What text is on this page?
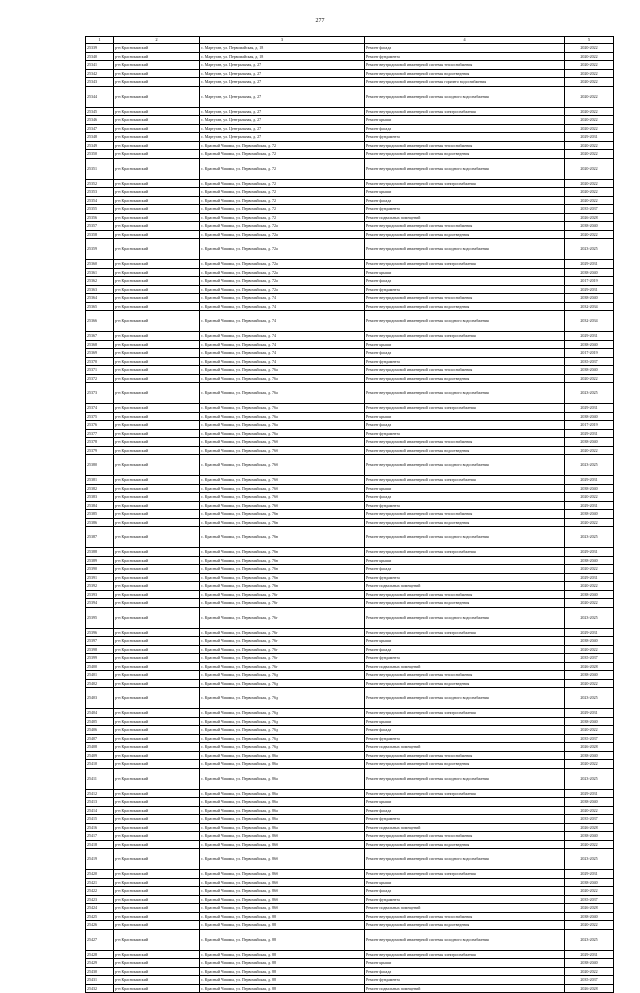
277
1	2	3	4	5
25339	р-н Краснокамский	с. Мартуган, ул. Первомайская, д. 18	Ремонт фасада	2020-2022
25340	р-н Краснокамский	с. Мартуган, ул. Первомайская, д. 18	Ремонт фундамента	2020-2022
25341	р-н Краснокамский	с. Мартуган, ул. Центральная, д. 27	Ремонт внутридомовой инженерной системы теплоснабжения	2020-2022
25342	р-н Краснокамский	с. Мартуган, ул. Центральная, д. 27	Ремонт внутридомовой инженерной системы водоотведения	2020-2022
25343	р-н Краснокамский	с. Мартуган, ул. Центральная, д. 27	Ремонт внутридомовой инженерной системы горячего водоснабжения	2020-2022
25344	р-н Краснокамский	с. Мартуган, ул. Центральная, д. 27	Ремонт внутридомовой инженерной системы холодного водоснабжения	2020-2022
25345	р-н Краснокамский	с. Мартуган, ул. Центральная, д. 27	Ремонт внутридомовой инженерной системы электроснабжения	2020-2022
25346	р-н Краснокамский	с. Мартуган, ул. Центральная, д. 27	Ремонт крыши	2020-2022
25347	р-н Краснокамский	с. Мартуган, ул. Центральная, д. 27	Ремонт фасада	2020-2022
25348	р-н Краснокамский	с. Мартуган, ул. Центральная, д. 27	Ремонт фундамента	2029-2031
25349	р-н Краснокамский	с. Красный Чишмы, ул. Первомайская, д. 72	Ремонт внутридомовой инженерной системы теплоснабжения	2020-2022
25350	р-н Краснокамский	с. Красный Чишмы, ул. Первомайская, д. 72	Ремонт внутридомовой инженерной системы водоотведения	2020-2022
25351	р-н Краснокамский	с. Красный Чишмы, ул. Первомайская, д. 72	Ремонт внутридомовой инженерной системы холодного водоснабжения	2020-2022
25352	р-н Краснокамский	с. Красный Чишмы, ул. Первомайская, д. 72	Ремонт внутридомовой инженерной системы электроснабжения	2020-2022
25353	р-н Краснокамский	с. Красный Чишмы, ул. Первомайская, д. 72	Ремонт крыши	2020-2022
25354	р-н Краснокамский	с. Красный Чишмы, ул. Первомайская, д. 72	Ремонт фасада	2020-2022
25355	р-н Краснокамский	с. Красный Чишмы, ул. Первомайская, д. 72	Ремонт фундамента	2035-2037
25356	р-н Краснокамский	с. Красный Чишмы, ул. Первомайская, д. 72	Ремонт подвальных помещений	2026-2028
25357	р-н Краснокамский	с. Красный Чишмы, ул. Первомайская, д. 72а	Ремонт внутридомовой инженерной системы теплоснабжения	2038-2040
25358	р-н Краснокамский	с. Красный Чишмы, ул. Первомайская, д. 72а	Ремонт внутридомовой инженерной системы водоотведения	2020-2022
25359	р-н Краснокамский	с. Красный Чишмы, ул. Первомайская, д. 72а	Ремонт внутридомовой инженерной системы холодного водоснабжения	2023-2025
25360	р-н Краснокамский	с. Красный Чишмы, ул. Первомайская, д. 72а	Ремонт внутридомовой инженерной системы электроснабжения	2029-2031
25361	р-н Краснокамский	с. Красный Чишмы, ул. Первомайская, д. 72а	Ремонт крыши	2038-2040
25362	р-н Краснокамский	с. Красный Чишмы, ул. Первомайская, д. 72а	Ремонт фасада	2017-2019
25363	р-н Краснокамский	с. Красный Чишмы, ул. Первомайская, д. 72а	Ремонт фундамента	2029-2031
25364	р-н Краснокамский	с. Красный Чишмы, ул. Первомайская, д. 74	Ремонт внутридомовой инженерной системы теплоснабжения	2038-2040
25365	р-н Краснокамский	с. Красный Чишмы, ул. Первомайская, д. 74	Ремонт внутридомовой инженерной системы водоотведения	2032-2034
25366	р-н Краснокамский	с. Красный Чишмы, ул. Первомайская, д. 74	Ремонт внутридомовой инженерной системы холодного водоснабжения	2032-2034
25367	р-н Краснокамский	с. Красный Чишмы, ул. Первомайская, д. 74	Ремонт внутридомовой инженерной системы электроснабжения	2029-2031
25368	р-н Краснокамский	с. Красный Чишмы, ул. Первомайская, д. 74	Ремонт крыши	2038-2040
25369	р-н Краснокамский	с. Красный Чишмы, ул. Первомайская, д. 74	Ремонт фасада	2017-2019
25370	р-н Краснокамский	с. Красный Чишмы, ул. Первомайская, д. 74	Ремонт фундамента	2035-2037
25371	р-н Краснокамский	с. Красный Чишмы, ул. Первомайская, д. 76а	Ремонт внутридомовой инженерной системы теплоснабжения	2038-2040
25372	р-н Краснокамский	с. Красный Чишмы, ул. Первомайская, д. 76а	Ремонт внутридомовой инженерной системы водоотведения	2020-2022
25373	р-н Краснокамский	с. Красный Чишмы, ул. Первомайская, д. 76а	Ремонт внутридомовой инженерной системы холодного водоснабжения	2023-2025
25374	р-н Краснокамский	с. Красный Чишмы, ул. Первомайская, д. 76а	Ремонт внутридомовой инженерной системы электроснабжения	2029-2031
25375	р-н Краснокамский	с. Красный Чишмы, ул. Первомайская, д. 76а	Ремонт крыши	2038-2040
25376	р-н Краснокамский	с. Красный Чишмы, ул. Первомайская, д. 76а	Ремонт фасада	2017-2019
25377	р-н Краснокамский	с. Красный Чишмы, ул. Первомайская, д. 76а	Ремонт фундамента	2029-2031
25378	р-н Краснокамский	с. Красный Чишмы, ул. Первомайская, д. 76б	Ремонт внутридомовой инженерной системы теплоснабжения	2038-2040
25379	р-н Краснокамский	с. Красный Чишмы, ул. Первомайская, д. 76б	Ремонт внутридомовой инженерной системы водоотведения	2020-2022
25380	р-н Краснокамский	с. Красный Чишмы, ул. Первомайская, д. 76б	Ремонт внутридомовой инженерной системы холодного водоснабжения	2023-2025
25381	р-н Краснокамский	с. Красный Чишмы, ул. Первомайская, д. 76б	Ремонт внутридомовой инженерной системы электроснабжения	2029-2031
25382	р-н Краснокамский	с. Красный Чишмы, ул. Первомайская, д. 76б	Ремонт крыши	2038-2040
25383	р-н Краснокамский	с. Красный Чишмы, ул. Первомайская, д. 76б	Ремонт фасада	2020-2022
25384	р-н Краснокамский	с. Красный Чишмы, ул. Первомайская, д. 76б	Ремонт фундамента	2029-2031
25385	р-н Краснокамский	с. Красный Чишмы, ул. Первомайская, д. 76в	Ремонт внутридомовой инженерной системы теплоснабжения	2038-2040
25386	р-н Краснокамский	с. Красный Чишмы, ул. Первомайская, д. 76в	Ремонт внутридомовой инженерной системы водоотведения	2020-2022
25387	р-н Краснокамский	с. Красный Чишмы, ул. Первомайская, д. 76в	Ремонт внутридомовой инженерной системы холодного водоснабжения	2023-2025
25388	р-н Краснокамский	с. Красный Чишмы, ул. Первомайская, д. 76в	Ремонт внутридомовой инженерной системы электроснабжения	2029-2031
25389	р-н Краснокамский	с. Красный Чишмы, ул. Первомайская, д. 76в	Ремонт крыши	2038-2040
25390	р-н Краснокамский	с. Красный Чишмы, ул. Первомайская, д. 76в	Ремонт фасада	2020-2022
25391	р-н Краснокамский	с. Красный Чишмы, ул. Первомайская, д. 76в	Ремонт фундамента	2029-2031
25392	р-н Краснокамский	с. Красный Чишмы, ул. Первомайская, д. 76в	Ремонт подвальных помещений	2020-2022
25393	р-н Краснокамский	с. Красный Чишмы, ул. Первомайская, д. 76г	Ремонт внутридомовой инженерной системы теплоснабжения	2038-2040
25394	р-н Краснокамский	с. Красный Чишмы, ул. Первомайская, д. 76г	Ремонт внутридомовой инженерной системы водоотведения	2020-2022
25395	р-н Краснокамский	с. Красный Чишмы, ул. Первомайская, д. 76г	Ремонт внутридомовой инженерной системы холодного водоснабжения	2023-2025
25396	р-н Краснокамский	с. Красный Чишмы, ул. Первомайская, д. 76г	Ремонт внутридомовой инженерной системы электроснабжения	2029-2031
25397	р-н Краснокамский	с. Красный Чишмы, ул. Первомайская, д. 76г	Ремонт крыши	2038-2040
25398	р-н Краснокамский	с. Красный Чишмы, ул. Первомайская, д. 76г	Ремонт фасада	2020-2022
25399	р-н Краснокамский	с. Красный Чишмы, ул. Первомайская, д. 76г	Ремонт фундамента	2035-2037
25400	р-н Краснокамский	с. Красный Чишмы, ул. Первомайская, д. 76г	Ремонт подвальных помещений	2026-2028
25401	р-н Краснокамский	с. Красный Чишмы, ул. Первомайская, д. 76д	Ремонт внутридомовой инженерной системы теплоснабжения	2038-2040
25402	р-н Краснокамский	с. Красный Чишмы, ул. Первомайская, д. 76д	Ремонт внутридомовой инженерной системы водоотведения	2020-2022
25403	р-н Краснокамский	с. Красный Чишмы, ул. Первомайская, д. 76д	Ремонт внутридомовой инженерной системы холодного водоснабжения	2023-2025
25404	р-н Краснокамский	с. Красный Чишмы, ул. Первомайская, д. 76д	Ремонт внутридомовой инженерной системы электроснабжения	2029-2031
25405	р-н Краснокамский	с. Красный Чишмы, ул. Первомайская, д. 76д	Ремонт крыши	2038-2040
25406	р-н Краснокамский	с. Красный Чишмы, ул. Первомайская, д. 76д	Ремонт фасада	2020-2022
25407	р-н Краснокамский	с. Красный Чишмы, ул. Первомайская, д. 76д	Ремонт фундамента	2035-2037
25408	р-н Краснокамский	с. Красный Чишмы, ул. Первомайская, д. 76д	Ремонт подвальных помещений	2026-2028
25409	р-н Краснокамский	с. Красный Чишмы, ул. Первомайская, д. 86а	Ремонт внутридомовой инженерной системы теплоснабжения	2038-2040
25410	р-н Краснокамский	с. Красный Чишмы, ул. Первомайская, д. 86а	Ремонт внутридомовой инженерной системы водоотведения	2020-2022
25411	р-н Краснокамский	с. Красный Чишмы, ул. Первомайская, д. 86а	Ремонт внутридомовой инженерной системы холодного водоснабжения	2023-2025
25412	р-н Краснокамский	с. Красный Чишмы, ул. Первомайская, д. 86а	Ремонт внутридомовой инженерной системы электроснабжения	2029-2031
25413	р-н Краснокамский	с. Красный Чишмы, ул. Первомайская, д. 86а	Ремонт крыши	2038-2040
25414	р-н Краснокамский	с. Красный Чишмы, ул. Первомайская, д. 86а	Ремонт фасада	2020-2022
25415	р-н Краснокамский	с. Красный Чишмы, ул. Первомайская, д. 86а	Ремонт фундамента	2035-2037
25416	р-н Краснокамский	с. Красный Чишмы, ул. Первомайская, д. 86а	Ремонт подвальных помещений	2026-2028
25417	р-н Краснокамский	с. Красный Чишмы, ул. Первомайская, д. 86б	Ремонт внутридомовой инженерной системы теплоснабжения	2038-2040
25418	р-н Краснокамский	с. Красный Чишмы, ул. Первомайская, д. 86б	Ремонт внутридомовой инженерной системы водоотведения	2020-2022
25419	р-н Краснокамский	с. Красный Чишмы, ул. Первомайская, д. 86б	Ремонт внутридомовой инженерной системы холодного водоснабжения	2023-2025
25420	р-н Краснокамский	с. Красный Чишмы, ул. Первомайская, д. 86б	Ремонт внутридомовой инженерной системы электроснабжения	2029-2031
25421	р-н Краснокамский	с. Красный Чишмы, ул. Первомайская, д. 86б	Ремонт крыши	2038-2040
25422	р-н Краснокамский	с. Красный Чишмы, ул. Первомайская, д. 86б	Ремонт фасада	2020-2022
25423	р-н Краснокамский	с. Красный Чишмы, ул. Первомайская, д. 86б	Ремонт фундамента	2035-2037
25424	р-н Краснокамский	с. Красный Чишмы, ул. Первомайская, д. 86б	Ремонт подвальных помещений	2026-2028
25425	р-н Краснокамский	с. Красный Чишмы, ул. Первомайская, д. 88	Ремонт внутридомовой инженерной системы теплоснабжения	2038-2040
25426	р-н Краснокамский	с. Красный Чишмы, ул. Первомайская, д. 88	Ремонт внутридомовой инженерной системы водоотведения	2020-2022
25427	р-н Краснокамский	с. Красный Чишмы, ул. Первомайская, д. 88	Ремонт внутридомовой инженерной системы холодного водоснабжения	2023-2025
25428	р-н Краснокамский	с. Красный Чишмы, ул. Первомайская, д. 88	Ремонт внутридомовой инженерной системы электроснабжения	2029-2031
25429	р-н Краснокамский	с. Красный Чишмы, ул. Первомайская, д. 88	Ремонт крыши	2038-2040
25430	р-н Краснокамский	с. Красный Чишмы, ул. Первомайская, д. 88	Ремонт фасада	2020-2022
25431	р-н Краснокамский	с. Красный Чишмы, ул. Первомайская, д. 88	Ремонт фундамента	2035-2037
25432	р-н Краснокамский	с. Красный Чишмы, ул. Первомайская, д. 88	Ремонт подвальных помещений	2026-2028
